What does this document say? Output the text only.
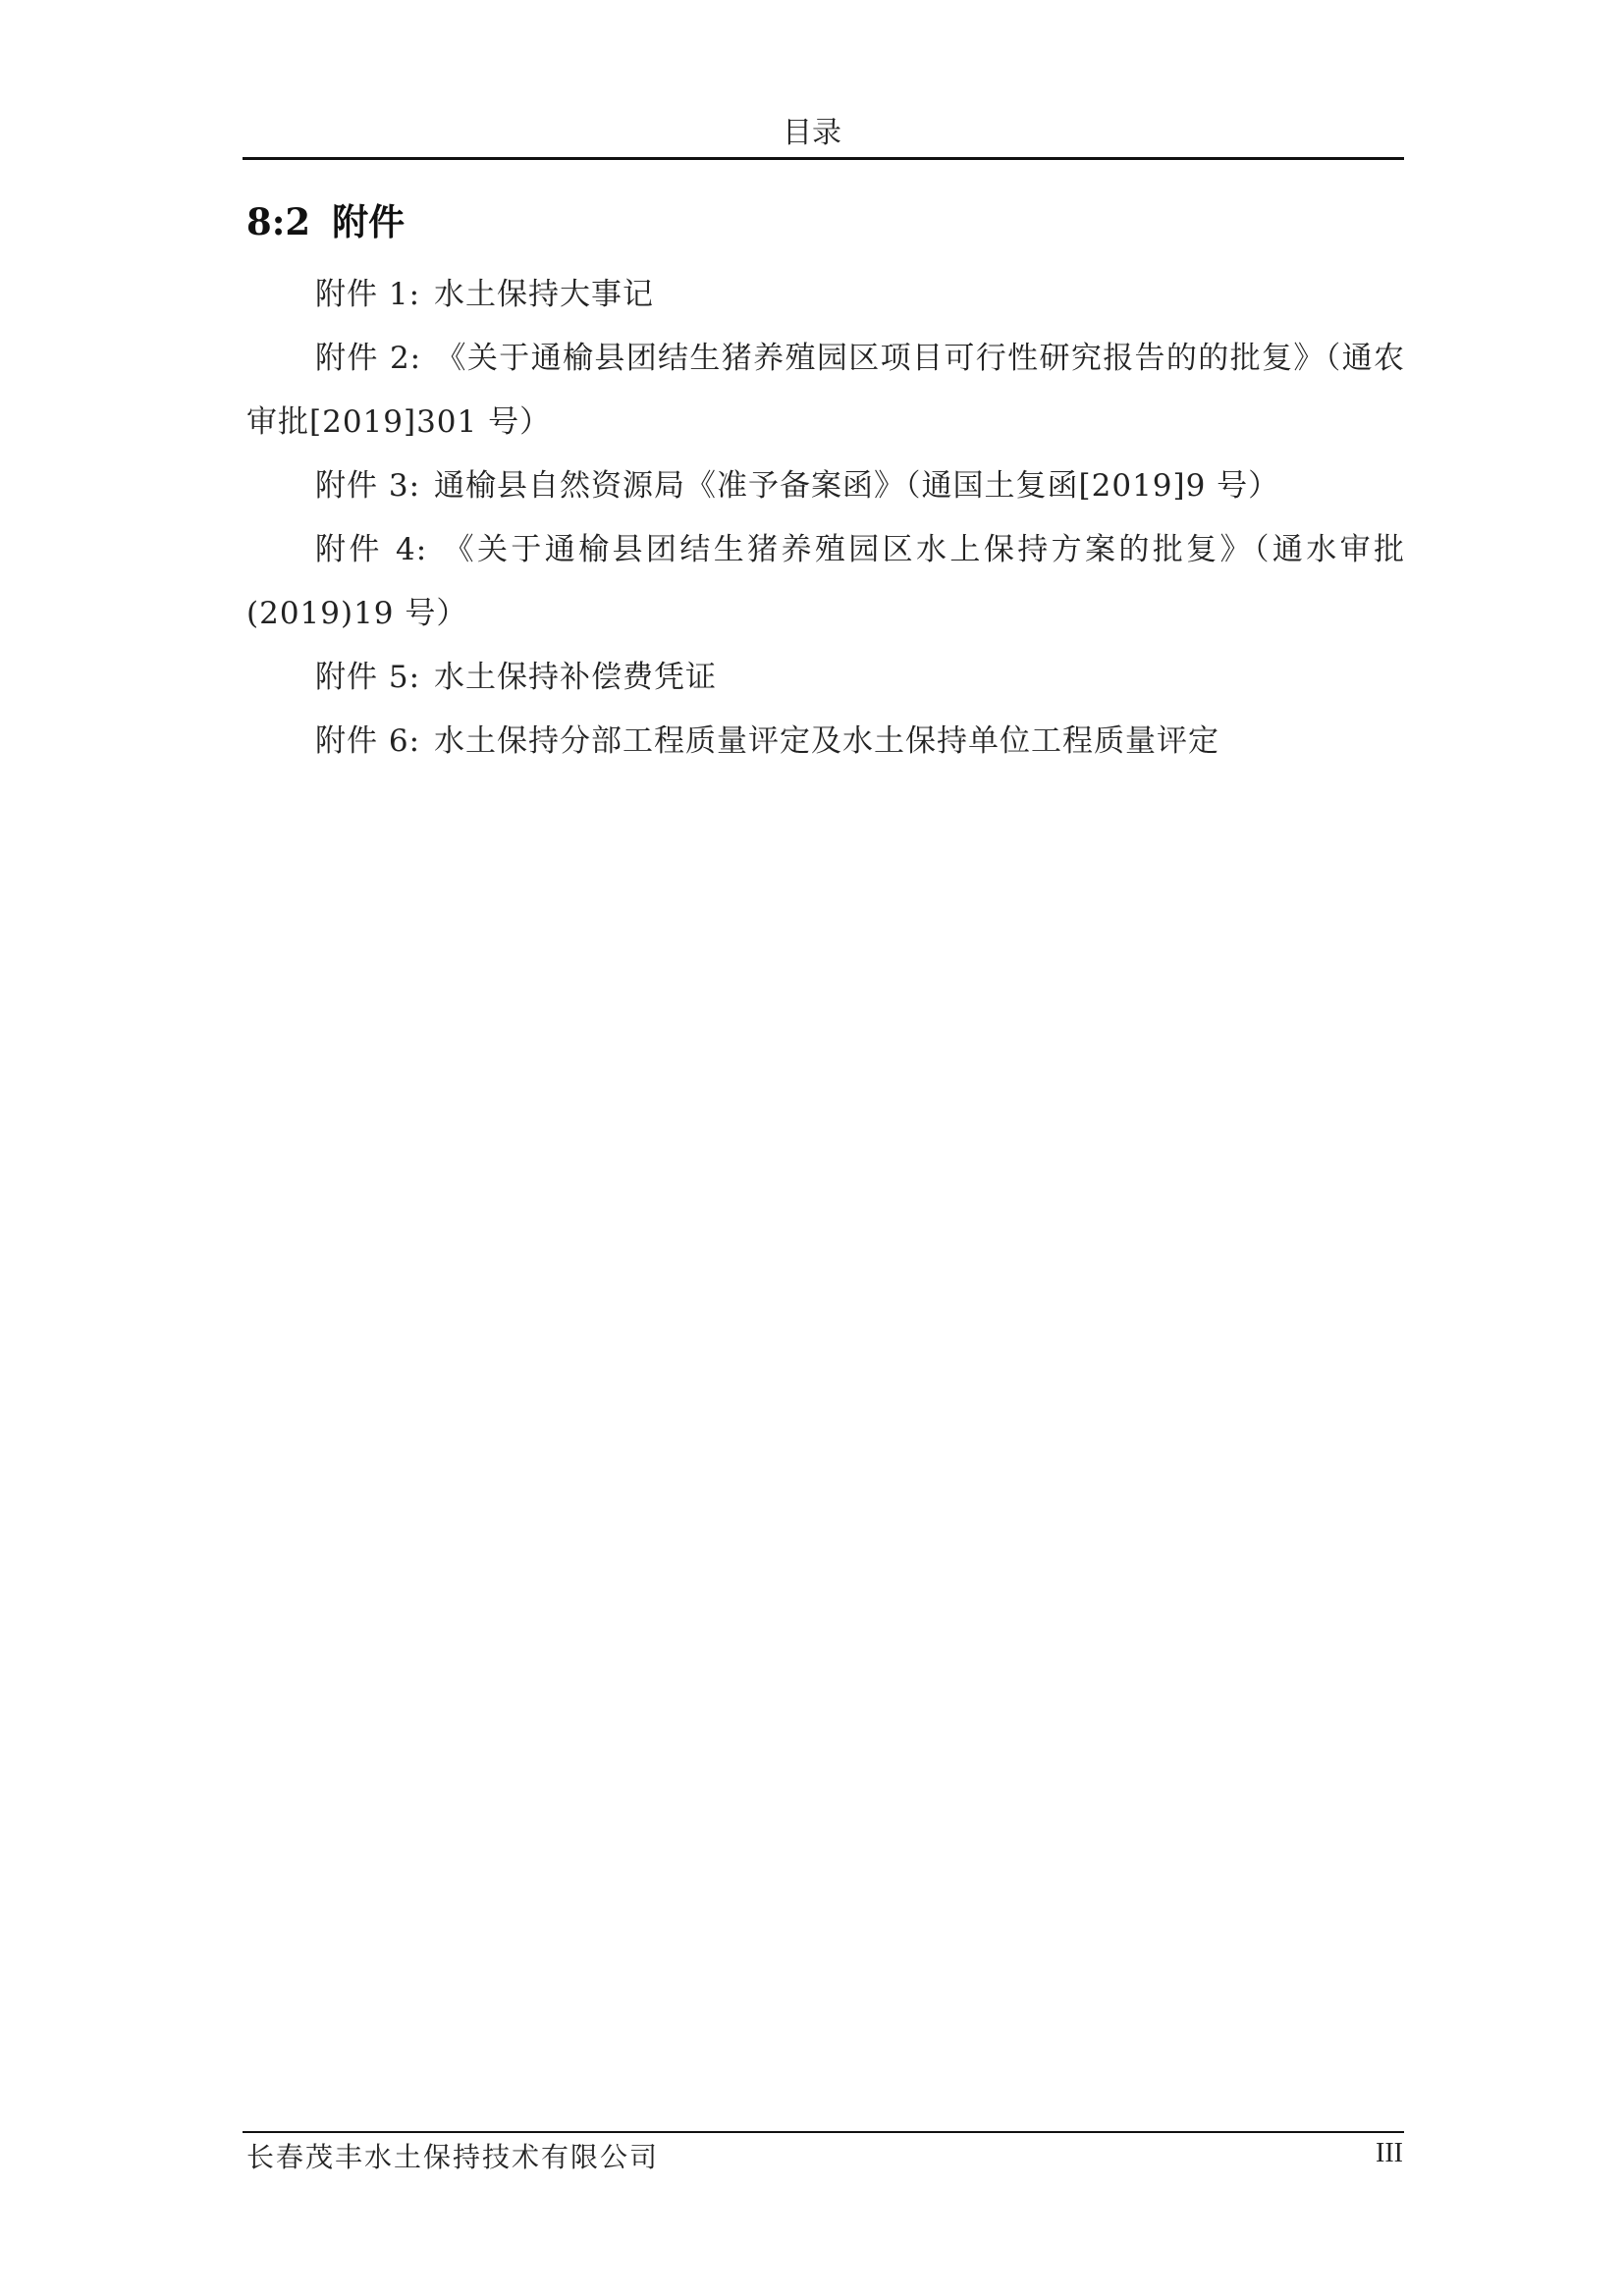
目录
8:2 附件
附件 1: 水土保持大事记
附件 2: 《关于通榆县团结生猪养殖园区项目可行性研究报告的的批复》（通农审批[2019]301 号）
附件 3: 通榆县自然资源局《准予备案函》（通国土复函[2019]9 号）
附件 4: 《关于通榆县团结生猪养殖园区水上保持方案的批复》（通水审批(2019)19 号）
附件 5: 水土保持补偿费凭证
附件 6: 水土保持分部工程质量评定及水土保持单位工程质量评定
长春茂丰水土保持技术有限公司	III
